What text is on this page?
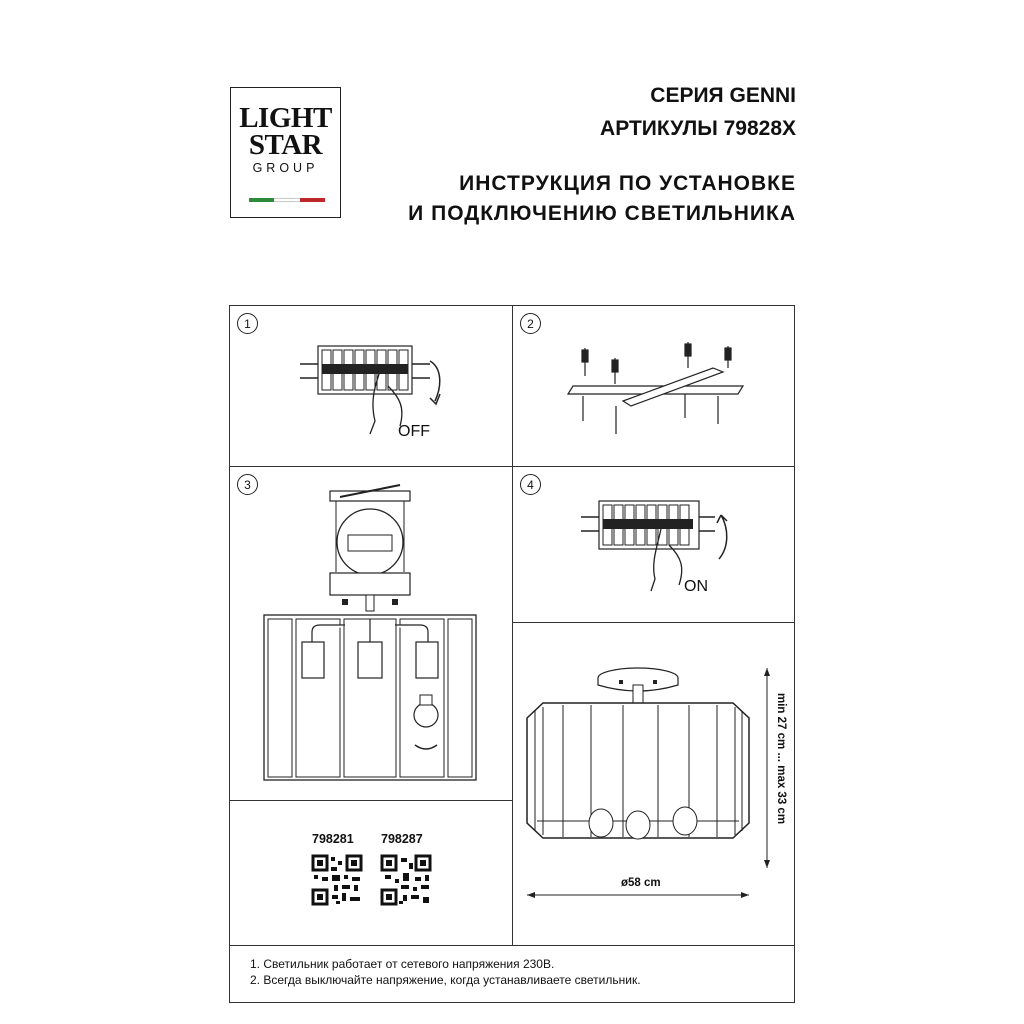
LIGHT
STAR
GROUP
СЕРИЯ GENNI
АРТИКУЛЫ 79828X
ИНСТРУКЦИЯ ПО УСТАНОВКЕ
И ПОДКЛЮЧЕНИЮ СВЕТИЛЬНИКА
1
OFF
2
3	4
ON
min 27 cm ... max 33 cm
ø58 cm
798281 798287
1. Светильник работает от сетевого напряжения 230В.
2. Всегда выключайте напряжение, когда устанавливаете светильник.
